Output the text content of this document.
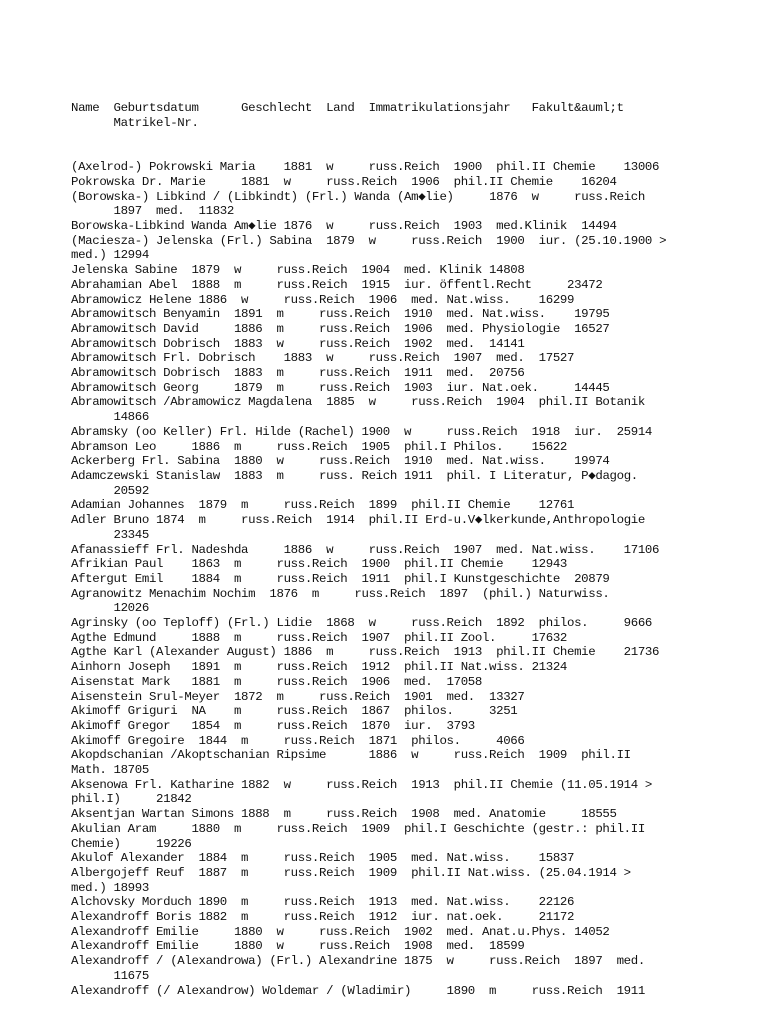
Name  Geburtsdatum      Geschlecht  Land  Immatrikulationsjahr   Fakult&auml;t
Matrikel-Nr.

(Axelrod-) Pokrowski Maria    1881  w     russ.Reich  1900  phil.II Chemie    13006
Pokrowska Dr. Marie     1881  w     russ.Reich  1906  phil.II Chemie    16204
(Borowska-) Libkind / (Libkindt) (Frl.) Wanda (Am◆lie)     1876  w     russ.Reich
1897  med.  11832
Borowska-Libkind Wanda Am◆lie 1876  w     russ.Reich  1903  med.Klinik  14494
(Maciesza-) Jelenska (Frl.) Sabina  1879  w     russ.Reich  1900  iur. (25.10.1900 >
med.) 12994
Jelenska Sabine  1879  w     russ.Reich  1904  med. Klinik 14808
Abrahamian Abel  1888  m     russ.Reich  1915  iur. öffentl.Recht     23472
Abramowicz Helene 1886  w     russ.Reich  1906  med. Nat.wiss.    16299
Abramowitsch Benyamin  1891  m     russ.Reich  1910  med. Nat.wiss.    19795
Abramowitsch David     1886  m     russ.Reich  1906  med. Physiologie  16527
Abramowitsch Dobrisch  1883  w     russ.Reich  1902  med.  14141
Abramowitsch Frl. Dobrisch    1883  w     russ.Reich  1907  med.  17527
Abramowitsch Dobrisch  1883  m     russ.Reich  1911  med.  20756
Abramowitsch Georg     1879  m     russ.Reich  1903  iur. Nat.oek.     14445
Abramowitsch /Abramowicz Magdalena  1885  w     russ.Reich  1904  phil.II Botanik
14866
Abramsky (oo Keller) Frl. Hilde (Rachel) 1900  w     russ.Reich  1918  iur.  25914
Abramson Leo     1886  m     russ.Reich  1905  phil.I Philos.    15622
Ackerberg Frl. Sabina  1880  w     russ.Reich  1910  med. Nat.wiss.    19974
Adamczewski Stanislaw  1883  m     russ. Reich 1911  phil. I Literatur, P◆dagog.
20592
Adamian Johannes  1879  m     russ.Reich  1899  phil.II Chemie    12761
Adler Bruno 1874  m     russ.Reich  1914  phil.II Erd-u.V◆lkerkunde,Anthropologie
23345
Afanassieff Frl. Nadeshda     1886  w     russ.Reich  1907  med. Nat.wiss.    17106
Afrikian Paul    1863  m     russ.Reich  1900  phil.II Chemie    12943
Aftergut Emil    1884  m     russ.Reich  1911  phil.I Kunstgeschichte  20879
Agranowitz Menachim Nochim  1876  m     russ.Reich  1897  (phil.) Naturwiss.
12026
Agrinsky (oo Teploff) (Frl.) Lidie  1868  w     russ.Reich  1892  philos.     9666
Agthe Edmund     1888  m     russ.Reich  1907  phil.II Zool.     17632
Agthe Karl (Alexander August) 1886  m     russ.Reich  1913  phil.II Chemie    21736
Ainhorn Joseph   1891  m     russ.Reich  1912  phil.II Nat.wiss. 21324
Aisenstat Mark   1881  m     russ.Reich  1906  med.  17058
Aisenstein Srul-Meyer  1872  m     russ.Reich  1901  med.  13327
Akimoff Griguri  NA    m     russ.Reich  1867  philos.     3251
Akimoff Gregor   1854  m     russ.Reich  1870  iur.  3793
Akimoff Gregoire  1844  m     russ.Reich  1871  philos.     4066
Akopdschanian /Akoptschanian Ripsime      1886  w     russ.Reich  1909  phil.II
Math. 18705
Aksenowa Frl. Katharine 1882  w     russ.Reich  1913  phil.II Chemie (11.05.1914 >
phil.I)     21842
Aksentjan Wartan Simons 1888  m     russ.Reich  1908  med. Anatomie     18555
Akulian Aram     1880  m     russ.Reich  1909  phil.I Geschichte (gestr.: phil.II
Chemie)     19226
Akulof Alexander  1884  m     russ.Reich  1905  med. Nat.wiss.    15837
Albergojeff Reuf  1887  m     russ.Reich  1909  phil.II Nat.wiss. (25.04.1914 >
med.) 18993
Alchovsky Morduch 1890  m     russ.Reich  1913  med. Nat.wiss.    22126
Alexandroff Boris 1882  m     russ.Reich  1912  iur. nat.oek.     21172
Alexandroff Emilie     1880  w     russ.Reich  1902  med. Anat.u.Phys. 14052
Alexandroff Emilie     1880  w     russ.Reich  1908  med.  18599
Alexandroff / (Alexandrowa) (Frl.) Alexandrine 1875  w     russ.Reich  1897  med.
11675
Alexandroff (/ Alexandrow) Woldemar / (Wladimir)     1890  m     russ.Reich  1911
